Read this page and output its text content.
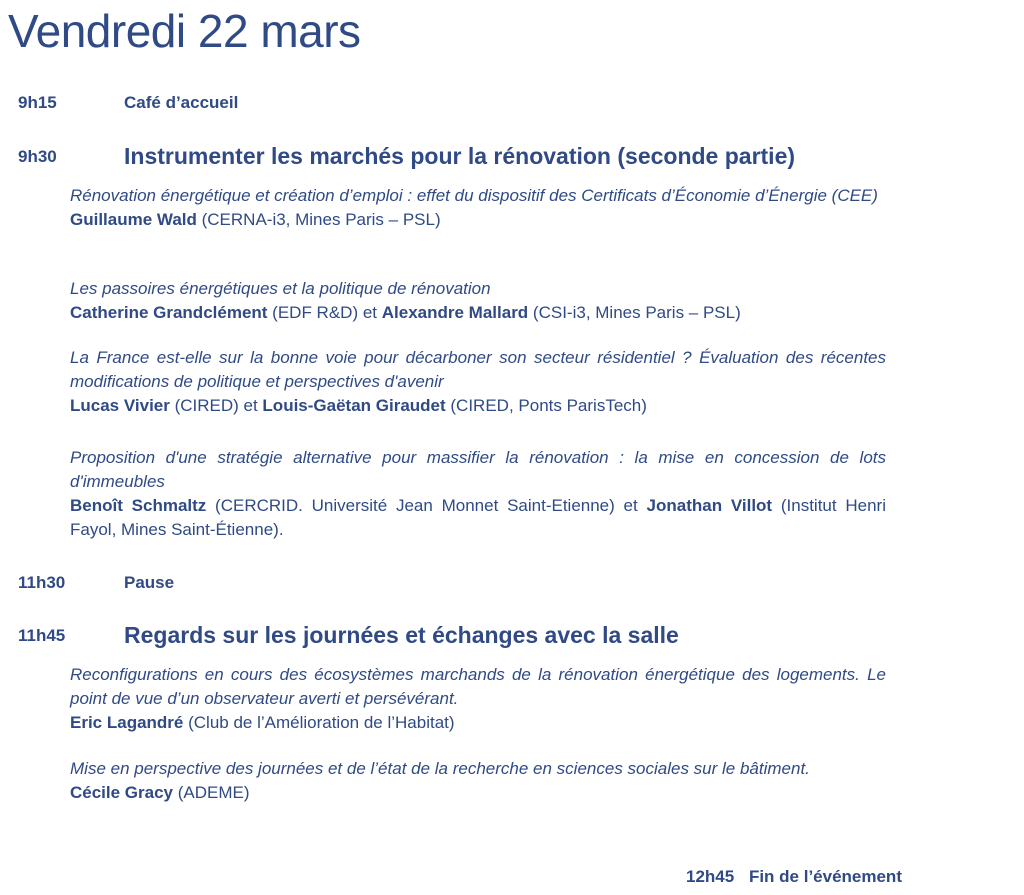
Vendredi 22 mars
9h15	Café d’accueil
9h30	Instrumenter les marchés pour la rénovation (seconde partie)

Rénovation énergétique et création d’emploi : effet du dispositif des Certificats d’Économie d’Énergie (CEE)

Guillaume Wald (CERNA-i3, Mines Paris – PSL)

Les passoires énergétiques et la politique de rénovation

Catherine Grandclément (EDF R&D) et Alexandre Mallard (CSI-i3, Mines Paris – PSL)

La France est-elle sur la bonne voie pour décarboner son secteur résidentiel ? Évaluation des récentes modifications de politique et perspectives d'avenir

Lucas Vivier (CIRED) et Louis-Gaëtan Giraudet (CIRED, Ponts ParisTech)

Proposition d'une stratégie alternative pour massifier la rénovation : la mise en concession de lots d'immeubles

Benoît Schmaltz (CERCRID. Université Jean Monnet Saint-Etienne) et Jonathan Villot (Institut Henri Fayol, Mines Saint-Étienne).

11h30	Pause
11h45	Regards sur les journées et échanges avec la salle

Reconfigurations en cours des écosystèmes marchands de la rénovation énergétique des logements. Le point de vue d’un observateur averti et persévérant.

Eric Lagandré (Club de l’Amélioration de l’Habitat)

Mise en perspective des journées et de l’état de la recherche en sciences sociales sur le bâtiment.

Cécile Gracy (ADEME)

12h45 Fin de l’événement
